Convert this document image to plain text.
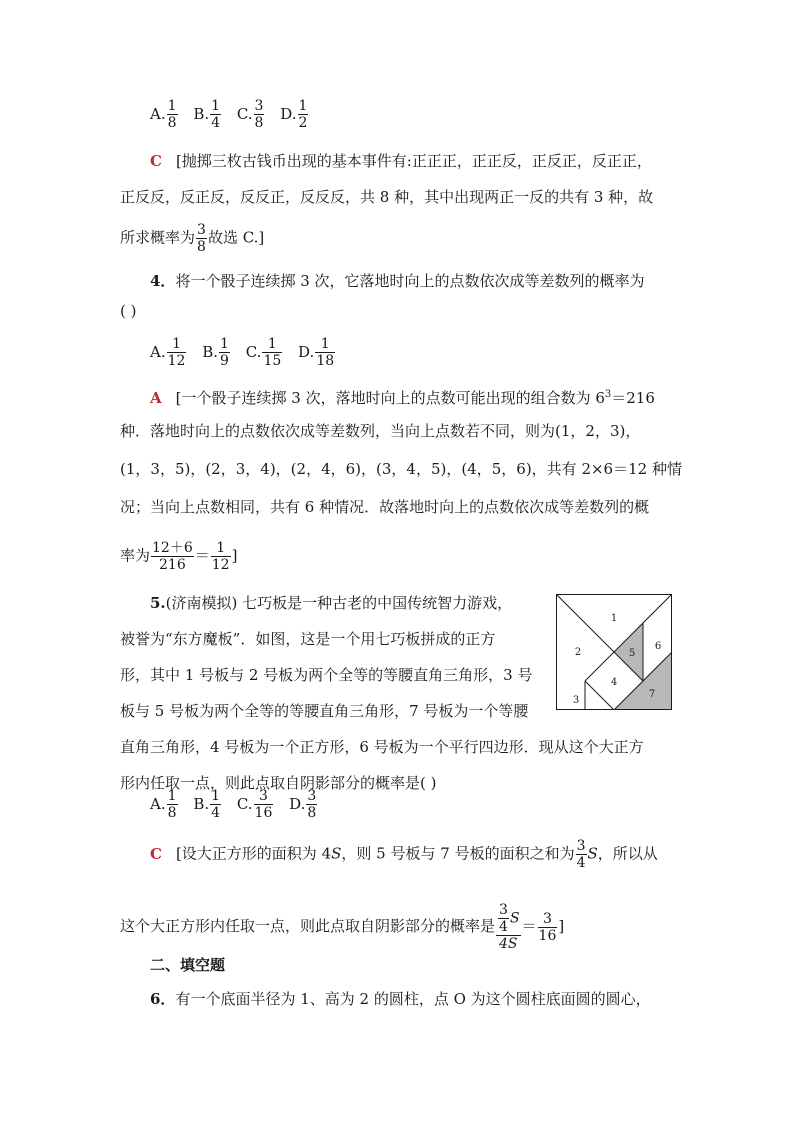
A. $\frac{1}{8} B$. $\frac{1}{4} C$. $\frac{3}{8} D$. $\frac{1}{2}$
C [抛掷三枚古钱币出现的基本事件有:正正正，正正反，正反正，反正正，
正反反，反正反，反反正，反反反，共 8 种，其中出现两正一反的共有 3 种，故
所求概率为 $\frac{3}{8}$ 故选 C.]
4．将一个骰子连续掷 3 次，它落地时向上的点数依次成等差数列的概率为
( )
A. $\frac{1}{12} B$. $\frac{1}{9} C$. $\frac{1}{15} D$. $\frac{1}{18}$
A [一个骰子连续掷 3 次，落地时向上的点数可能出现的组合数为 $6^3=216$
种．落地时向上的点数依次成等差数列，当向上点数若不同，则为(1，2，3)，
(1，3，5)，(2，3，4)，(2，4，6)，(3，4，5)，(4，5，6)，共有 2×6＝12 种情
况；当向上点数相同，共有 6 种情况．故落地时向上的点数依次成等差数列的概
率为 $\frac{12+6}{216} = \frac{1}{12}$ ]
5.(济南模拟) 七巧板是一种古老的中国传统智力游戏，
被誉为“东方魔板”．如图，这是一个用七巧板拼成的正方
形，其中 1 号板与 2 号板为两个全等的等腰直角三角形，3 号
板与 5 号板为两个全等的等腰直角三角形，7 号板为一个等腰
直角三角形，4 号板为一个正方形，6 号板为一个平行四边形．现从这个大正方
形内任取一点，则此点取自阴影部分的概率是( )
1
2
3
4
5
6
7
A. $\frac{1}{8} B$. $\frac{1}{4} C$. $\frac{3}{16} D$. $\frac{3}{8}$
C [设大正方形的面积为 4S，则 5 号板与 7 号板的面积之和为 $\frac{3}{4}$ S，所以从
这个大正方形内任取一点，则此点取自阴影部分的概率是 $\frac{\frac{3}{4} S}{4S} = \frac{3}{16}$ ]
二、填空题
6．有一个底面半径为 1、高为 2 的圆柱，点 O 为这个圆柱底面圆的圆心，
